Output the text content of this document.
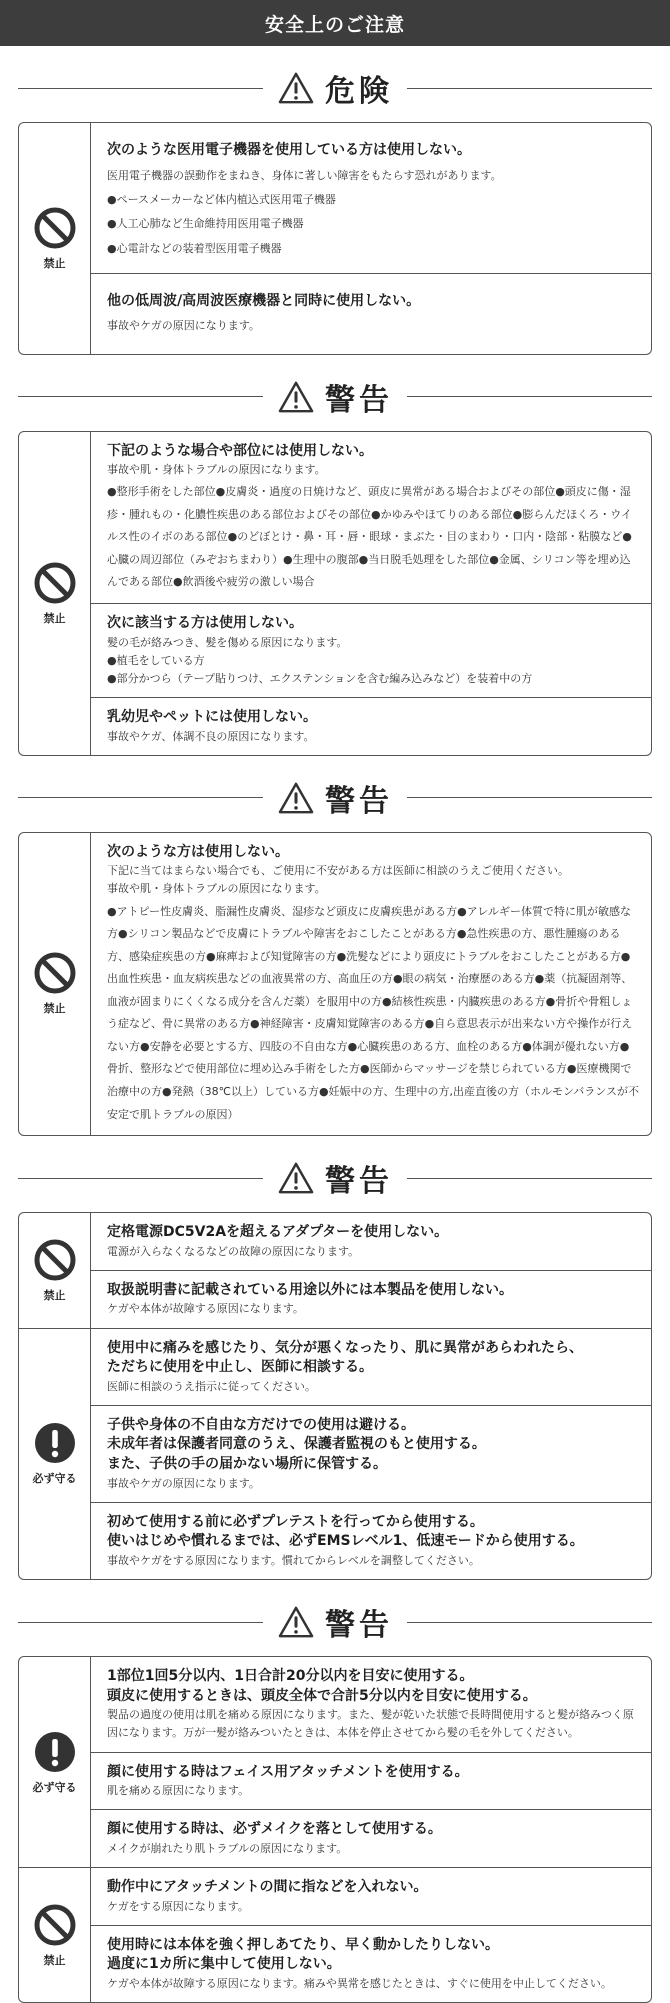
安全上のご注意
危険
禁止
次のような医用電子機器を使用している方は使用しない。
医用電子機器の誤動作をまねき、身体に著しい障害をもたらす恐れがあります。
●ペースメーカーなど体内植込式医用電子機器
●人工心肺など生命維持用医用電子機器
●心電計などの装着型医用電子機器
他の低周波/高周波医療機器と同時に使用しない。
事故やケガの原因になります。
警告
禁止
下記のような場合や部位には使用しない。
事故や肌・身体トラブルの原因になります。
●整形手術をした部位●皮膚炎・過度の日焼けなど、頭皮に異常がある場合およびその部位●頭皮に傷・湿疹・腫れもの・化膿性疾患のある部位およびその部位●かゆみやほてりのある部位●膨らんだほくろ・ウイルス性のイボのある部位●のどぼとけ・鼻・耳・唇・眼球・まぶた・目のまわり・口内・陰部・粘膜など●心臓の周辺部位（みぞおちまわり）●生理中の腹部●当日脱毛処理をした部位●金属、シリコン等を埋め込んである部位●飲酒後や疲労の激しい場合
次に該当する方は使用しない。
髪の毛が絡みつき、髪を傷める原因になります。
●植毛をしている方
●部分かつら（テープ貼りつけ、エクステンションを含む編み込みなど）を装着中の方
乳幼児やペットには使用しない。
事故やケガ、体調不良の原因になります。
警告
禁止
次のような方は使用しない。
下記に当てはまらない場合でも、ご使用に不安がある方は医師に相談のうえご使用ください。
事故や肌・身体トラブルの原因になります。
●アトピー性皮膚炎、脂漏性皮膚炎、湿疹など頭皮に皮膚疾患がある方●アレルギー体質で特に肌が敏感な方●シリコン製品などで皮膚にトラブルや障害をおこしたことがある方●急性疾患の方、悪性腫瘍のある方、感染症疾患の方●麻痺および知覚障害の方●洗髪などにより頭皮にトラブルをおこしたことがある方●出血性疾患・血友病疾患などの血液異常の方、高血圧の方●眼の病気・治療歴のある方●薬（抗凝固剤等、血液が固まりにくくなる成分を含んだ薬）を服用中の方●結核性疾患・内臓疾患のある方●骨折や骨粗しょう症など、骨に異常のある方●神経障害・皮膚知覚障害のある方●自ら意思表示が出来ない方や操作が行えない方●安静を必要とする方、四肢の不自由な方●心臓疾患のある方、血栓のある方●体調が優れない方●骨折、整形などで使用部位に埋め込み手術をした方●医師からマッサージを禁じられている方●医療機関で治療中の方●発熱（38℃以上）している方●妊娠中の方、生理中の方,出産直後の方（ホルモンバランスが不安定で肌トラブルの原因）
警告
禁止
定格電源DC5V2Aを超えるアダプターを使用しない。
電源が入らなくなるなどの故障の原因になります。
取扱説明書に記載されている用途以外には本製品を使用しない。
ケガや本体が故障する原因になります。
必ず守る
使用中に痛みを感じたり、気分が悪くなったり、肌に異常があらわれたら、
ただちに使用を中止し、医師に相談する。
医師に相談のうえ指示に従ってください。
子供や身体の不自由な方だけでの使用は避ける。
未成年者は保護者同意のうえ、保護者監視のもと使用する。
また、子供の手の届かない場所に保管する。
事故やケガの原因になります。
初めて使用する前に必ずプレテストを行ってから使用する。
使いはじめや慣れるまでは、必ずEMSレベル1、低速モードから使用する。
事故やケガをする原因になります。慣れてからレベルを調整してください。
警告
必ず守る
1部位1回5分以内、1日合計20分以内を目安に使用する。
頭皮に使用するときは、頭皮全体で合計5分以内を目安に使用する。
製品の過度の使用は肌を痛める原因になります。また、髪が乾いた状態で長時間使用すると髪が絡みつく原因になります。万が一髪が絡みついたときは、本体を停止させてから髪の毛を外してください。
顔に使用する時はフェイス用アタッチメントを使用する。
肌を痛める原因になります。
顔に使用する時は、必ずメイクを落として使用する。
メイクが崩れたり肌トラブルの原因になります。
禁止
動作中にアタッチメントの間に指などを入れない。
ケガをする原因になります。
使用時には本体を強く押しあてたり、早く動かしたりしない。
過度に1カ所に集中して使用しない。
ケガや本体が故障する原因になります。痛みや異常を感じたときは、すぐに使用を中止してください。
